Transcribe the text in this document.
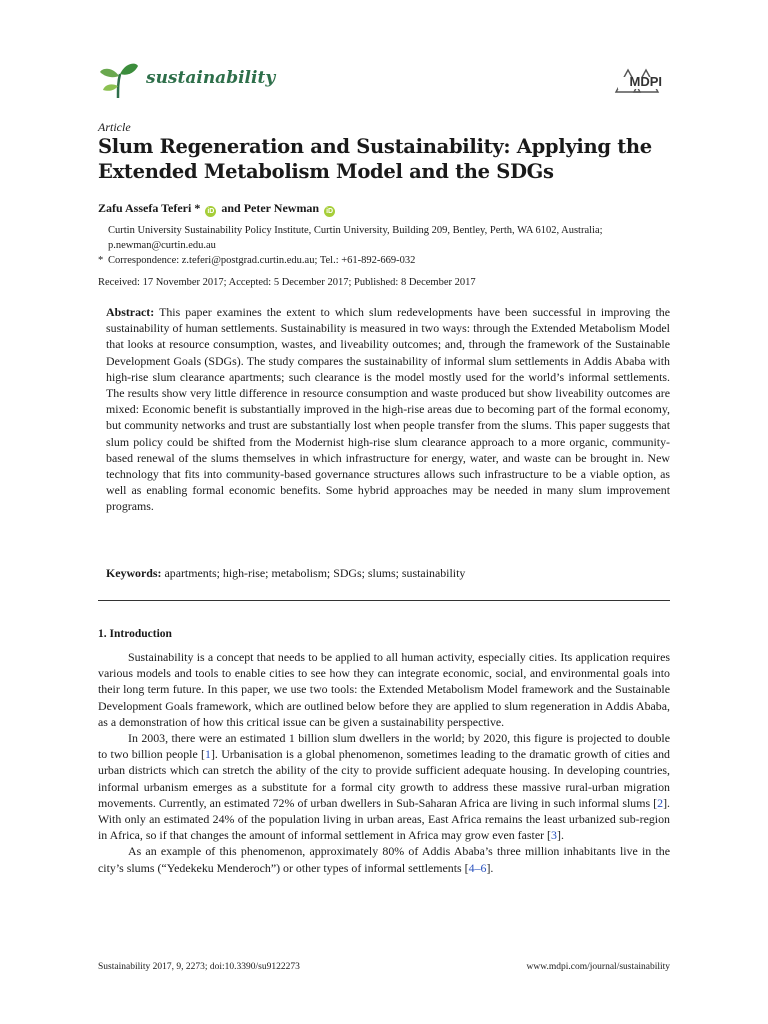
sustainability	MDPI
Article
Slum Regeneration and Sustainability: Applying the Extended Metabolism Model and the SDGs
Zafu Assefa Teferi * iD and Peter Newman iD
Curtin University Sustainability Policy Institute, Curtin University, Building 209, Bentley, Perth, WA 6102, Australia; p.newman@curtin.edu.au
* Correspondence: z.teferi@postgrad.curtin.edu.au; Tel.: +61-892-669-032
Received: 17 November 2017; Accepted: 5 December 2017; Published: 8 December 2017

Abstract: This paper examines the extent to which slum redevelopments have been successful in improving the sustainability of human settlements. Sustainability is measured in two ways: through the Extended Metabolism Model that looks at resource consumption, wastes, and liveability outcomes; and, through the framework of the Sustainable Development Goals (SDGs). The study compares the sustainability of informal slum settlements in Addis Ababa with high-rise slum clearance apartments; such clearance is the model mostly used for the world’s informal settlements. The results show very little difference in resource consumption and waste produced but show liveability outcomes are mixed: Economic benefit is substantially improved in the high-rise areas due to becoming part of the formal economy, but community networks and trust are substantially lost when people transfer from the slums. This paper suggests that slum policy could be shifted from the Modernist high-rise slum clearance approach to a more organic, community-based renewal of the slums themselves in which infrastructure for energy, water, and waste can be brought in. New technology that fits into community-based governance structures allows such infrastructure to be a viable option, as well as enabling formal economic benefits. Some hybrid approaches may be needed in many slum improvement programs.

Keywords: apartments; high-rise; metabolism; SDGs; slums; sustainability

1. Introduction

Sustainability is a concept that needs to be applied to all human activity, especially cities. Its application requires various models and tools to enable cities to see how they can integrate economic, social, and environmental goals into their long term future. In this paper, we use two tools: the Extended Metabolism Model framework and the Sustainable Development Goals framework, which are outlined below before they are applied to slum regeneration in Addis Ababa, as a demonstration of how this critical issue can be given a sustainability perspective.

In 2003, there were an estimated 1 billion slum dwellers in the world; by 2020, this figure is projected to double to two billion people [1]. Urbanisation is a global phenomenon, sometimes leading to the dramatic growth of cities and urban districts which can stretch the ability of the city to provide sufficient adequate housing. In developing countries, informal urbanism emerges as a substitute for a formal city growth to address these massive rural-urban migration movements. Currently, an estimated 72% of urban dwellers in Sub-Saharan Africa are living in such informal slums [2]. With only an estimated 24% of the population living in urban areas, East Africa remains the least urbanized sub-region in Africa, so if that changes the amount of informal settlement in Africa may grow even faster [3].

As an example of this phenomenon, approximately 80% of Addis Ababa’s three million inhabitants live in the city’s slums (“Yedekeku Menderoch”) or other types of informal settlements [4–6].

Sustainability 2017, 9, 2273; doi:10.3390/su9122273	www.mdpi.com/journal/sustainability
